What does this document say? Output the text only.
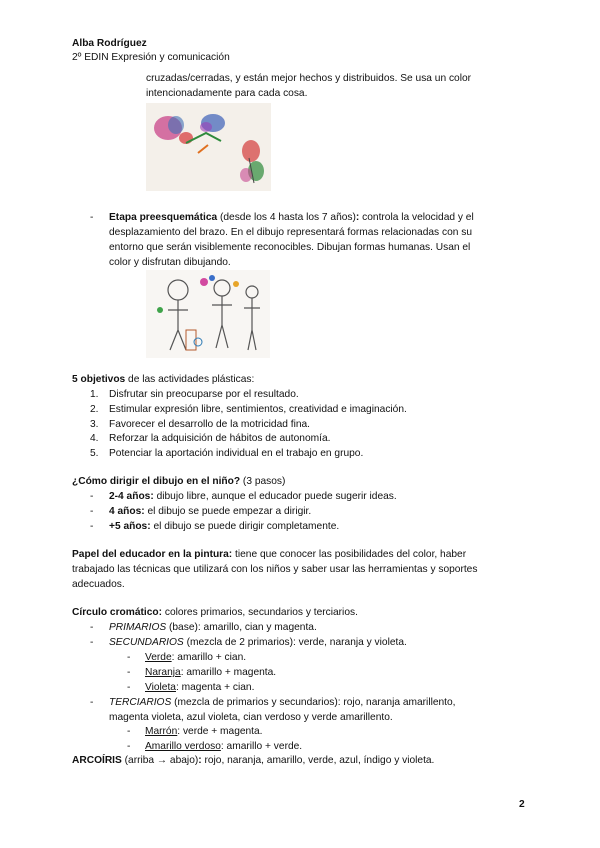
Alba Rodríguez
2º EDIN Expresión y comunicación
cruzadas/cerradas, y están mejor hechos y distribuidos. Se usa un color
intencionadamente para cada cosa.
- Etapa preesquemática (desde los 4 hasta los 7 años): controla la velocidad y el
desplazamiento del brazo. En el dibujo representará formas relacionadas con su
entorno que serán visiblemente reconocibles. Dibujan formas humanas. Usan el
color y disfrutan dibujando.
5 objetivos de las actividades plásticas:
1. Disfrutar sin preocuparse por el resultado.
2. Estimular expresión libre, sentimientos, creatividad e imaginación.
3. Favorecer el desarrollo de la motricidad fina.
4. Reforzar la adquisición de hábitos de autonomía.
5. Potenciar la aportación individual en el trabajo en grupo.
¿Cómo dirigir el dibujo en el niño? (3 pasos)
- 2-4 años: dibujo libre, aunque el educador puede sugerir ideas.
- 4 años: el dibujo se puede empezar a dirigir.
- +5 años: el dibujo se puede dirigir completamente.
Papel del educador en la pintura: tiene que conocer las posibilidades del color, haber
trabajado las técnicas que utilizará con los niños y saber usar las herramientas y soportes
adecuados.
Círculo cromático: colores primarios, secundarios y terciarios.
- PRIMARIOS (base): amarillo, cian y magenta.
- SECUNDARIOS (mezcla de 2 primarios): verde, naranja y violeta.
- Verde: amarillo + cian.
- Naranja: amarillo + magenta.
- Violeta: magenta + cian.
- TERCIARIOS (mezcla de primarios y secundarios): rojo, naranja amarillento,
magenta violeta, azul violeta, cian verdoso y verde amarillento.
- Marrón: verde + magenta.
- Amarillo verdoso: amarillo + verde.
ARCOÍRIS (arriba → abajo): rojo, naranja, amarillo, verde, azul, índigo y violeta.
2
